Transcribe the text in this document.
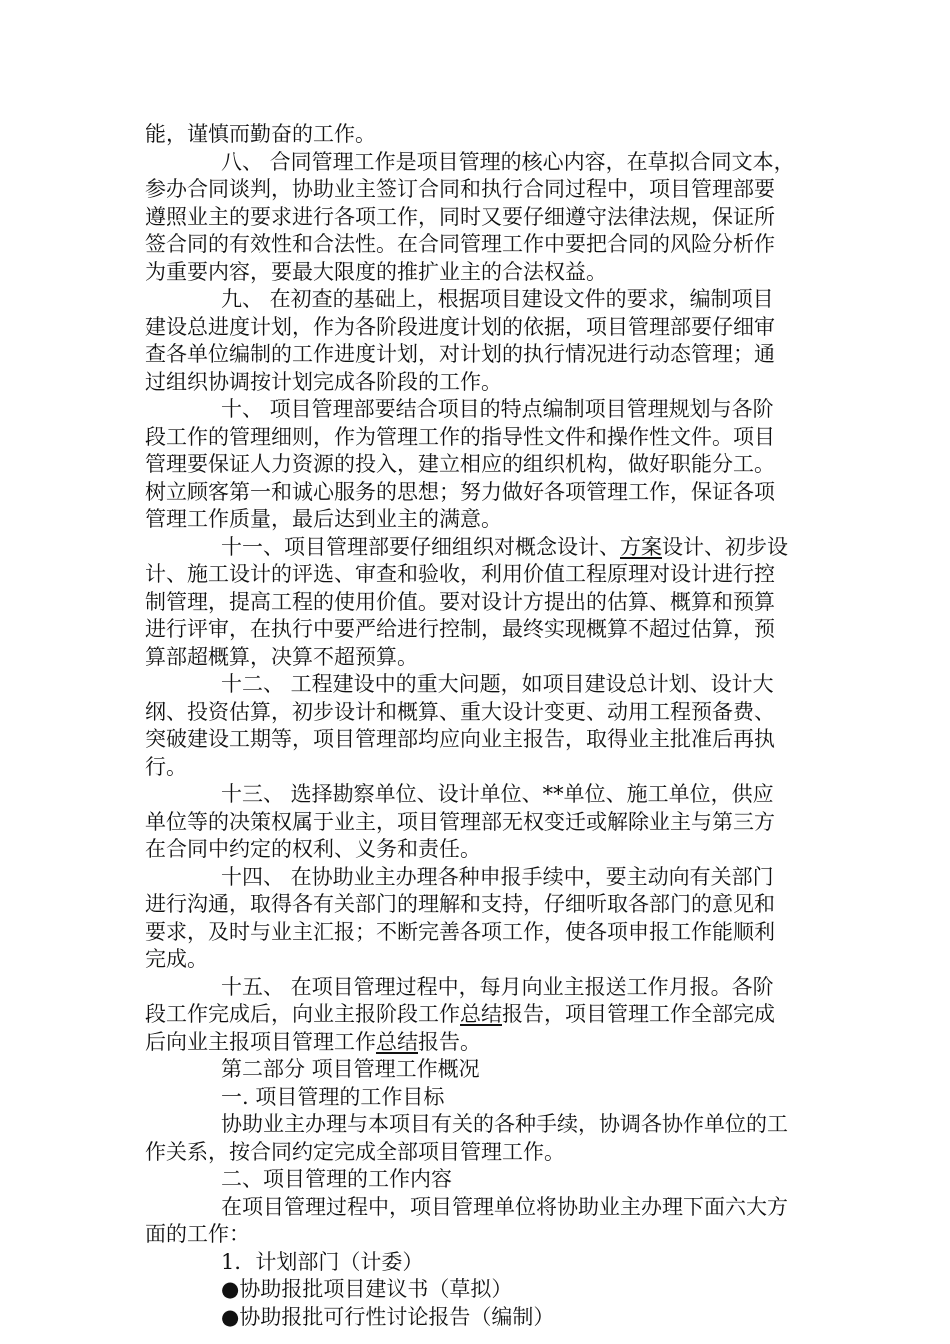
能，谨慎而勤奋的工作。
八、 合同管理工作是项目管理的核心内容，在草拟合同文本，
参办合同谈判，协助业主签订合同和执行合同过程中，项目管理部要
遵照业主的要求进行各项工作，同时又要仔细遵守法律法规，保证所
签合同的有效性和合法性。在合同管理工作中要把合同的风险分析作
为重要内容，要最大限度的推扩业主的合法权益。
九、 在初查的基础上，根据项目建设文件的要求，编制项目
建设总进度计划，作为各阶段进度计划的依据，项目管理部要仔细审
查各单位编制的工作进度计划，对计划的执行情况进行动态管理；通
过组织协调按计划完成各阶段的工作。
十、 项目管理部要结合项目的特点编制项目管理规划与各阶
段工作的管理细则，作为管理工作的指导性文件和操作性文件。项目
管理要保证人力资源的投入，建立相应的组织机构，做好职能分工。
树立顾客第一和诚心服务的思想；努力做好各项管理工作，保证各项
管理工作质量，最后达到业主的满意。
十一、项目管理部要仔细组织对概念设计、方案设计、初步设
计、施工设计的评选、审查和验收，利用价值工程原理对设计进行控
制管理，提高工程的使用价值。要对设计方提出的估算、概算和预算
进行评审，在执行中要严给进行控制，最终实现概算不超过估算，预
算部超概算，决算不超预算。
十二、 工程建设中的重大问题，如项目建设总计划、设计大
纲、投资估算，初步设计和概算、重大设计变更、动用工程预备费、
突破建设工期等，项目管理部均应向业主报告，取得业主批准后再执
行。
十三、 选择勘察单位、设计单位、**单位、施工单位，供应
单位等的决策权属于业主，项目管理部无权变迁或解除业主与第三方
在合同中约定的权利、义务和责任。
十四、 在协助业主办理各种申报手续中，要主动向有关部门
进行沟通，取得各有关部门的理解和支持，仔细听取各部门的意见和
要求，及时与业主汇报；不断完善各项工作，使各项申报工作能顺利
完成。
十五、 在项目管理过程中，每月向业主报送工作月报。各阶
段工作完成后，向业主报阶段工作总结报告，项目管理工作全部完成
后向业主报项目管理工作总结报告。
第二部分 项目管理工作概况
一. 项目管理的工作目标
协助业主办理与本项目有关的各种手续，协调各协作单位的工
作关系，按合同约定完成全部项目管理工作。
二、项目管理的工作内容
在项目管理过程中，项目管理单位将协助业主办理下面六大方
面的工作：
1．计划部门（计委）
●协助报批项目建议书（草拟）
●协助报批可行性讨论报告（编制）
